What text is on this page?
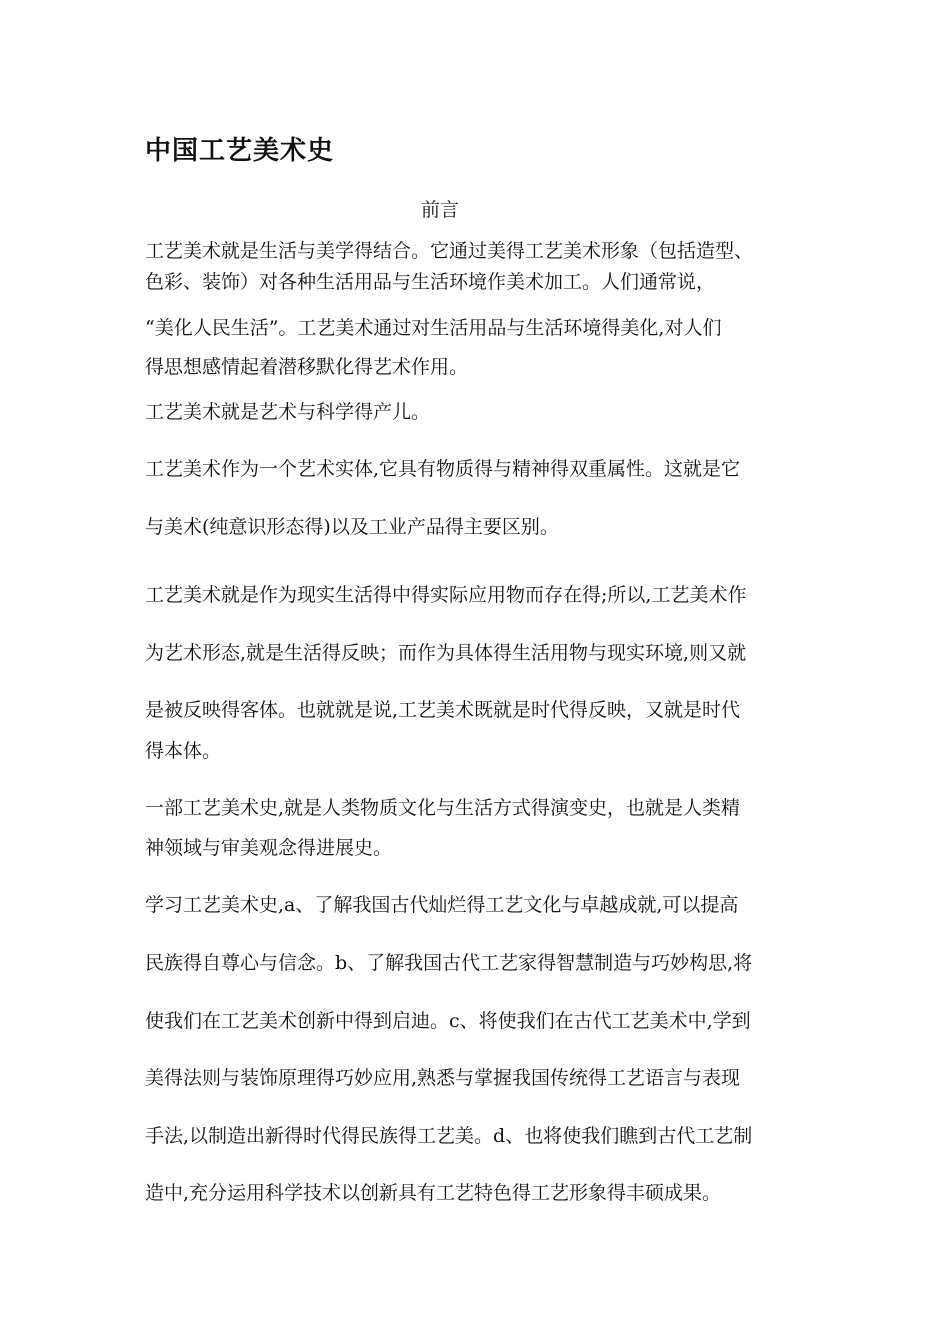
中国工艺美术史
前言
工艺美术就是生活与美学得结合。它通过美得工艺美术形象（包括造型、
色彩、装饰）对各种生活用品与生活环境作美术加工。人们通常说，
“美化人民生活”。工艺美术通过对生活用品与生活环境得美化,对人们
得思想感情起着潜移默化得艺术作用。
工艺美术就是艺术与科学得产儿。
工艺美术作为一个艺术实体,它具有物质得与精神得双重属性。这就是它
与美术(纯意识形态得)以及工业产品得主要区别。
工艺美术就是作为现实生活得中得实际应用物而存在得;所以,工艺美术作
为艺术形态,就是生活得反映；而作为具体得生活用物与现实环境,则又就
是被反映得客体。也就就是说,工艺美术既就是时代得反映，又就是时代
得本体。
一部工艺美术史,就是人类物质文化与生活方式得演变史，也就是人类精
神领域与审美观念得进展史。
学习工艺美术史,a、了解我国古代灿烂得工艺文化与卓越成就,可以提高
民族得自尊心与信念。b、了解我国古代工艺家得智慧制造与巧妙构思,将
使我们在工艺美术创新中得到启迪。c、将使我们在古代工艺美术中,学到
美得法则与装饰原理得巧妙应用,熟悉与掌握我国传统得工艺语言与表现
手法,以制造出新得时代得民族得工艺美。d、也将使我们瞧到古代工艺制
造中,充分运用科学技术以创新具有工艺特色得工艺形象得丰硕成果。
